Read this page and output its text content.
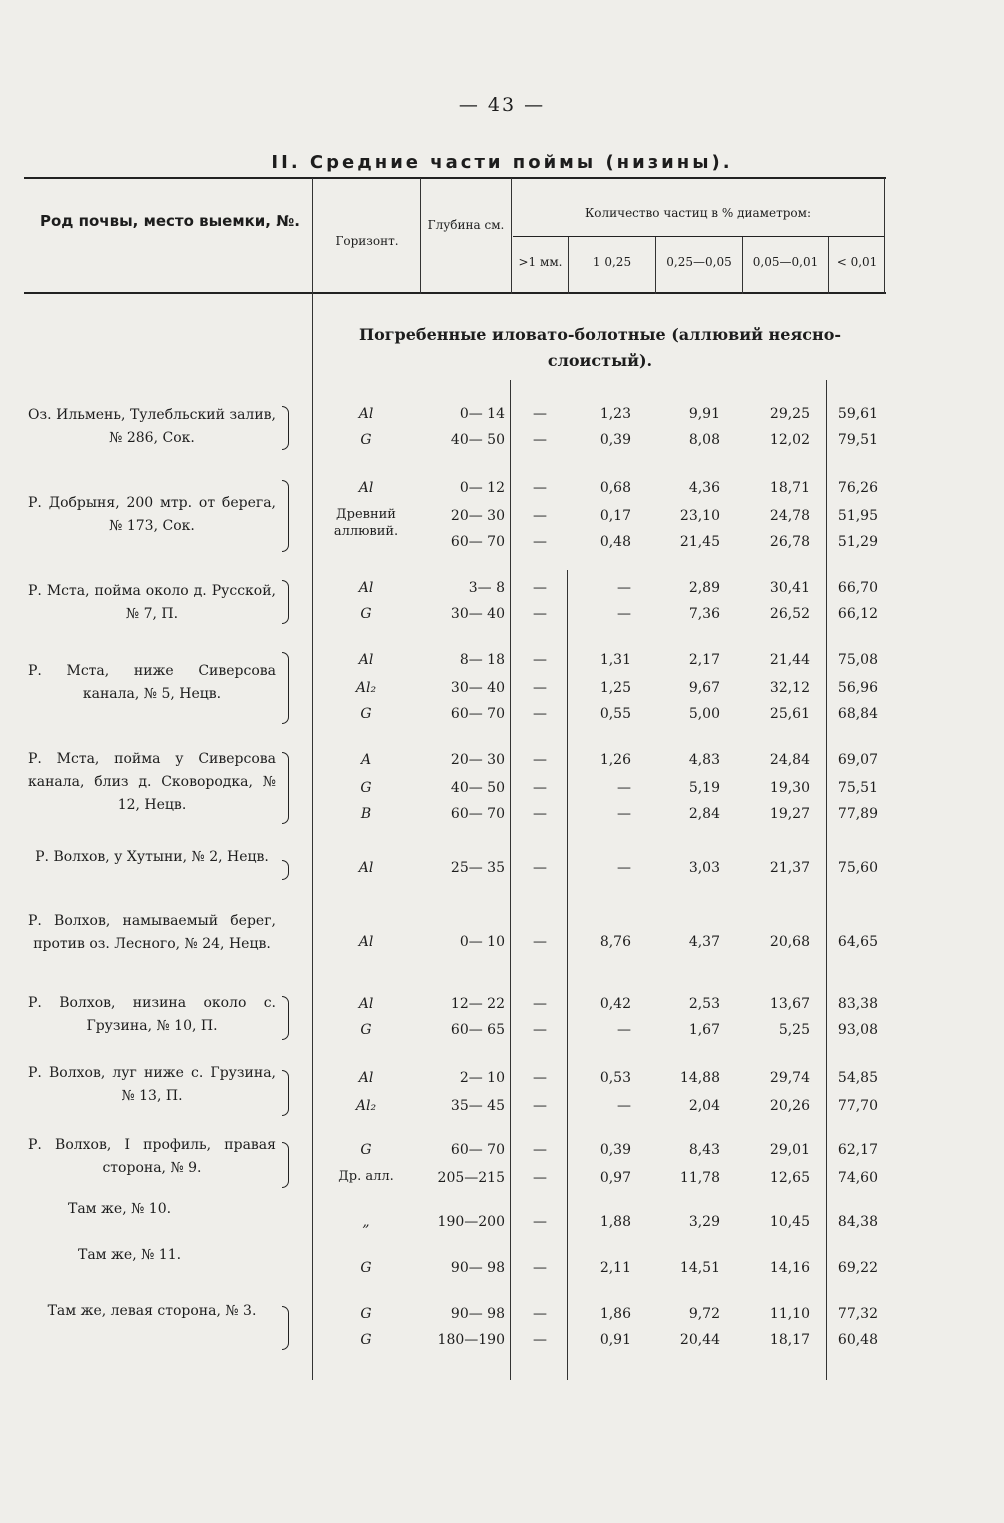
— 43 —
II. Средние части поймы (низины).
Род почвы, место выемки, №.
Горизонт.
Глубина см.
Количество частиц в % диаметром:
>1 мм.	1 0,25	0,25—0,05	0,05—0,01	< 0,01
Погребенные иловато-болотные (аллювий неясно-слоистый).
Оз. Ильмень, Тулебльский залив, № 286, Сок.
Al	0— 14	—	1,23	9,91	29,25	59,61
G	40— 50	—	0,39	8,08	12,02	79,51
Р. Добрыня, 200 мтр. от берега, № 173, Сок.
Al	0— 12	—	0,68	4,36	18,71	76,26
Древний аллювий.
20— 30	—	0,17	23,10	24,78	51,95
60— 70	—	0,48	21,45	26,78	51,29
Р. Мста, пойма около д. Русской, № 7, П.
Al	3— 8	—	—	2,89	30,41	66,70
G	30— 40	—	—	7,36	26,52	66,12
Р. Мста, ниже Сиверсова канала, № 5, Нецв.
Al	8— 18	—	1,31	2,17	21,44	75,08
Al₂	30— 40	—	1,25	9,67	32,12	56,96
G	60— 70	—	0,55	5,00	25,61	68,84
Р. Мста, пойма у Сиверсова канала, близ д. Сковородка, № 12, Нецв.
A	20— 30	—	1,26	4,83	24,84	69,07
G	40— 50	—	—	5,19	19,30	75,51
B	60— 70	—	—	2,84	19,27	77,89
Р. Волхов, у Хутыни, № 2, Нецв.
Al	25— 35	—	—	3,03	21,37	75,60
Р. Волхов, намываемый берег, против оз. Лесного, № 24, Нецв.	Al	0— 10	—	8,76	4,37	20,68	64,65
Р. Волхов, низина около с. Грузина, № 10, П.
Al	12— 22	—	0,42	2,53	13,67	83,38
G	60— 65	—	—	1,67	5,25	93,08
Р. Волхов, луг ниже с. Грузина, № 13, П.
Al	2— 10	—	0,53	14,88	29,74	54,85
Al₂	35— 45	—	—	2,04	20,26	77,70
Р. Волхов, I профиль, правая сторона, № 9.
G	60— 70	—	0,39	8,43	29,01	62,17
Др. алл.	205—215	—	0,97	11,78	12,65	74,60
Там же, № 10.
„	190—200	—	1,88	3,29	10,45	84,38
Там же, № 11.
G	90— 98	—	2,11	14,51	14,16	69,22
Там же, левая сторона, № 3.	G	90— 98	—	1,86	9,72	11,10	77,32
G	180—190	—	0,91	20,44	18,17	60,48
